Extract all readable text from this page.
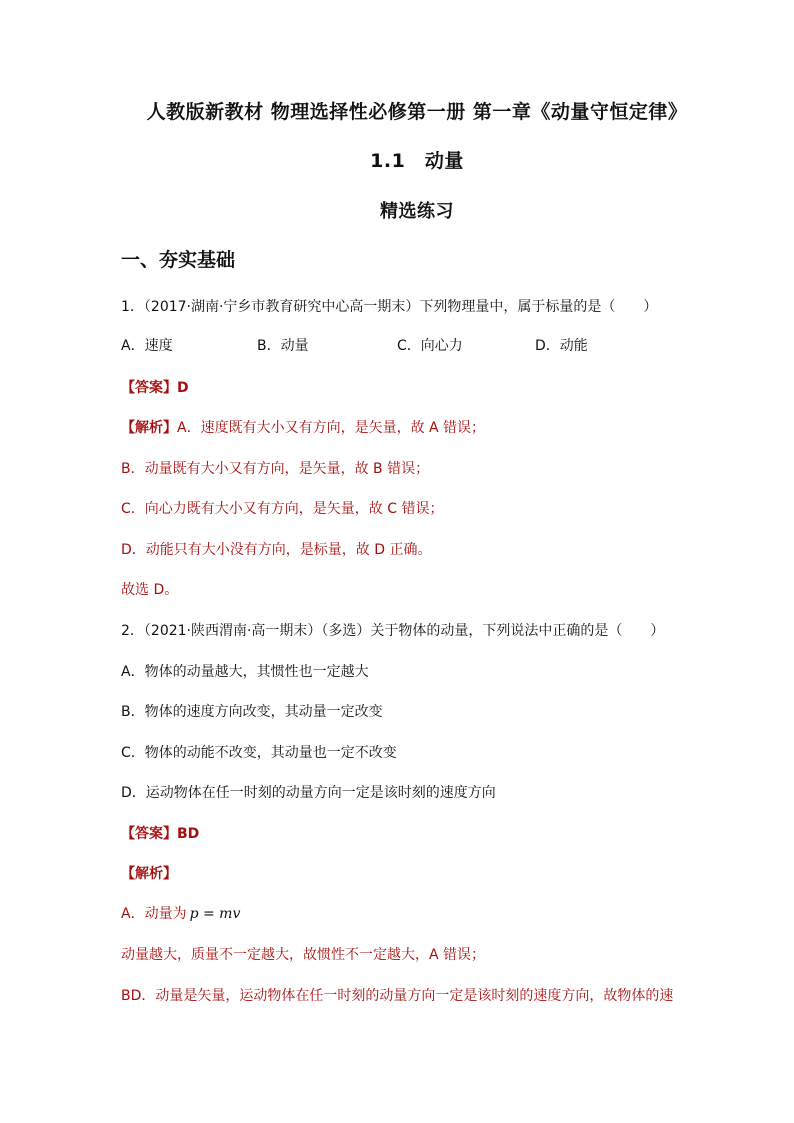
人教版新教材 物理选择性必修第一册 第一章《动量守恒定律》
1.1　动量
精选练习
一、夯实基础
1．（2017·湖南·宁乡市教育研究中心高一期末）下列物理量中，属于标量的是（　　）
A．速度	B．动量	C．向心力	D．动能
【答案】D
【解析】A．速度既有大小又有方向，是矢量，故 A 错误；
B．动量既有大小又有方向，是矢量，故 B 错误；
C．向心力既有大小又有方向，是矢量，故 C 错误；
D．动能只有大小没有方向，是标量，故 D 正确。
故选 D。
2．（2021·陕西渭南·高一期末）（多选）关于物体的动量，下列说法中正确的是（　　）
A．物体的动量越大，其惯性也一定越大
B．物体的速度方向改变，其动量一定改变
C．物体的动能不改变，其动量也一定不改变
D．运动物体在任一时刻的动量方向一定是该时刻的速度方向
【答案】BD
【解析】
A．动量为 p = mv
动量越大，质量不一定越大，故惯性不一定越大，A 错误；
BD．动量是矢量，运动物体在任一时刻的动量方向一定是该时刻的速度方向，故物体的速
